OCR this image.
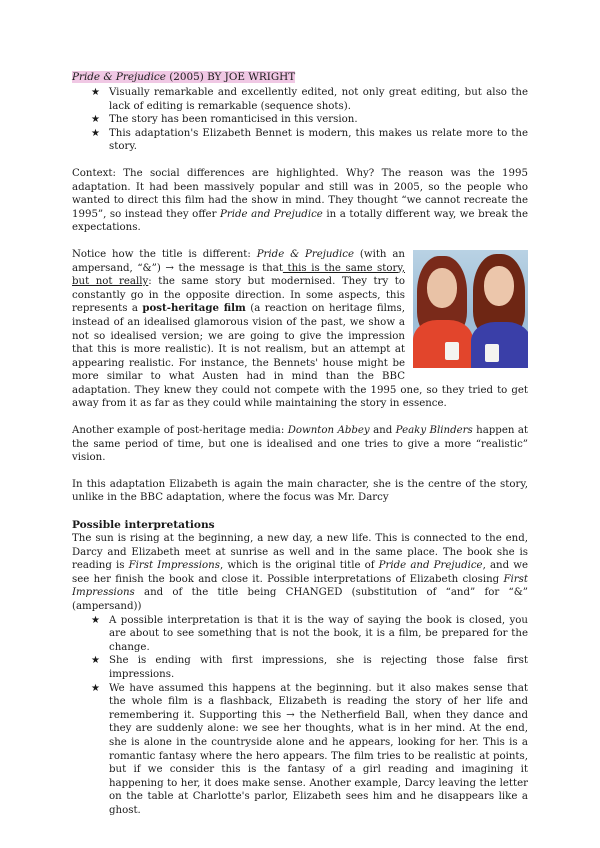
Pride & Prejudice (2005) BY JOE WRIGHT

★ Visually remarkable and excellently edited, not only great editing, but also the lack of editing is remarkable (sequence shots).
★ The story has been romanticised in this version.
★ This adaptation's Elizabeth Bennet is modern, this makes us relate more to the story.

Context: The social differences are highlighted. Why? The reason was the 1995 adaptation. It had been massively popular and still was in 2005, so the people who wanted to direct this film had the show in mind. They thought “we cannot recreate the 1995”, so instead they offer Pride and Prejudice in a totally different way, we break the expectations.

Notice how the title is different: Pride & Prejudice (with an ampersand, “&”) → the message is that this is the same story, but not really: the same story but modernised. They try to constantly go in the opposite direction. In some aspects, this represents a post-heritage film (a reaction on heritage films, instead of an idealised glamorous vision of the past, we show a not so idealised version; we are going to give the impression that this is more realistic). It is not realism, but an attempt at appearing realistic. For instance, the Bennets' house might be more similar to what Austen had in mind than the BBC adaptation. They knew they could not compete with the 1995 one, so they tried to get away from it as far as they could while maintaining the story in essence.

Another example of post-heritage media: Downton Abbey and Peaky Blinders happen at the same period of time, but one is idealised and one tries to give a more “realistic” vision.

In this adaptation Elizabeth is again the main character, she is the centre of the story, unlike in the BBC adaptation, where the focus was Mr. Darcy

Possible interpretations

The sun is rising at the beginning, a new day, a new life. This is connected to the end, Darcy and Elizabeth meet at sunrise as well and in the same place. The book she is reading is First Impressions, which is the original title of Pride and Prejudice, and we see her finish the book and close it. Possible interpretations of Elizabeth closing First Impressions and of the title being CHANGED (substitution of “and” for “&” (ampersand))

★ A possible interpretation is that it is the way of saying the book is closed, you are about to see something that is not the book, it is a film, be prepared for the change.
★ She is ending with first impressions, she is rejecting those false first impressions.
★ We have assumed this happens at the beginning. but it also makes sense that the whole film is a flashback, Elizabeth is reading the story of her life and remembering it. Supporting this → the Netherfield Ball, when they dance and they are suddenly alone: we see her thoughts, what is in her mind. At the end, she is alone in the countryside alone and he appears, looking for her. This is a romantic fantasy where the hero appears. The film tries to be realistic at points, but if we consider this is the fantasy of a girl reading and imagining it happening to her, it does make sense. Another example, Darcy leaving the letter on the table at Charlotte's parlor, Elizabeth sees him and he disappears like a ghost.
